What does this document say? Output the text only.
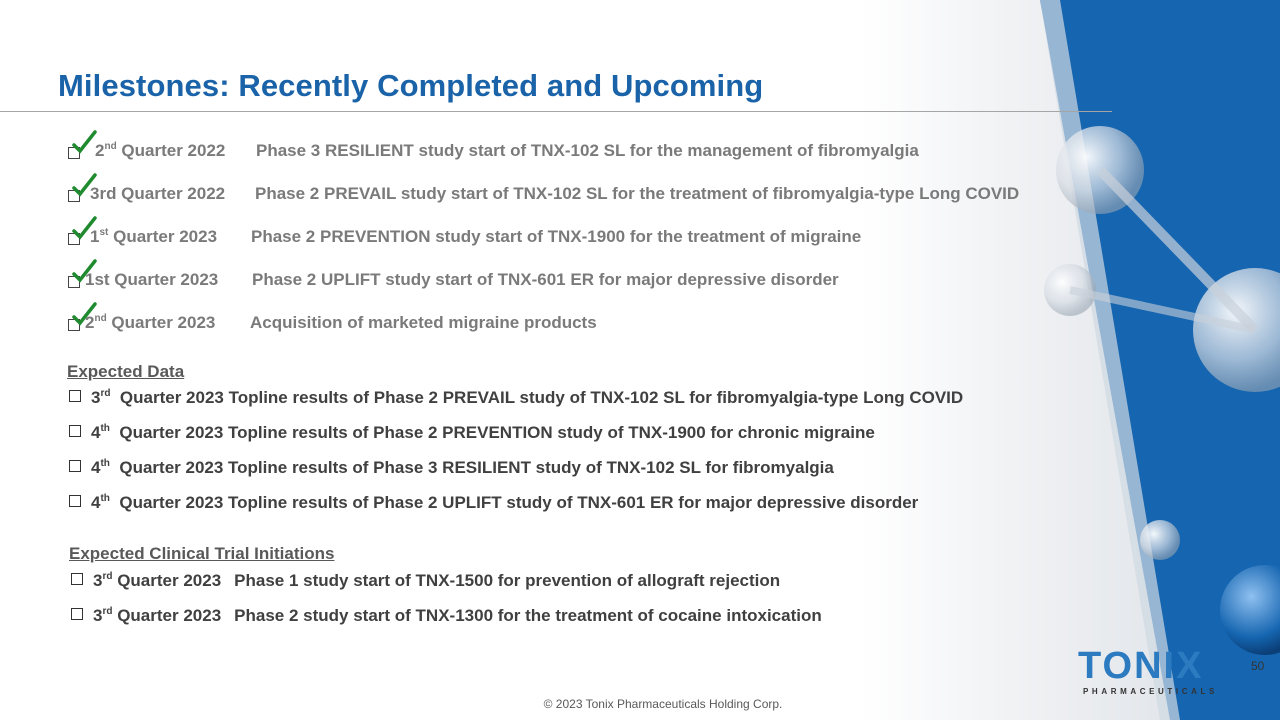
Milestones: Recently Completed and Upcoming
2nd Quarter 2022 Phase 3 RESILIENT study start of TNX-102 SL for the management of fibromyalgia
3rd Quarter 2022 Phase 2 PREVAIL study start of TNX-102 SL for the treatment of fibromyalgia-type Long COVID
1st Quarter 2023 Phase 2 PREVENTION study start of TNX-1900 for the treatment of migraine
1st Quarter 2023 Phase 2 UPLIFT study start of TNX-601 ER for major depressive disorder
2nd Quarter 2023 Acquisition of marketed migraine products
Expected Data
3rd  Quarter 2023 Topline results of Phase 2 PREVAIL study of TNX-102 SL for fibromyalgia-type Long COVID
4th  Quarter 2023 Topline results of Phase 2 PREVENTION study of TNX-1900 for chronic migraine
4th  Quarter 2023 Topline results of Phase 3 RESILIENT study of TNX-102 SL for fibromyalgia
4th  Quarter 2023 Topline results of Phase 2 UPLIFT study of TNX-601 ER for major depressive disorder
Expected Clinical Trial Initiations
3rd Quarter 2023 Phase 1 study start of TNX-1500 for prevention of allograft rejection
3rd Quarter 2023 Phase 2 study start of TNX-1300 for the treatment of cocaine intoxication
TONIX
PHARMACEUTICALS
50
© 2023 Tonix Pharmaceuticals Holding Corp.
